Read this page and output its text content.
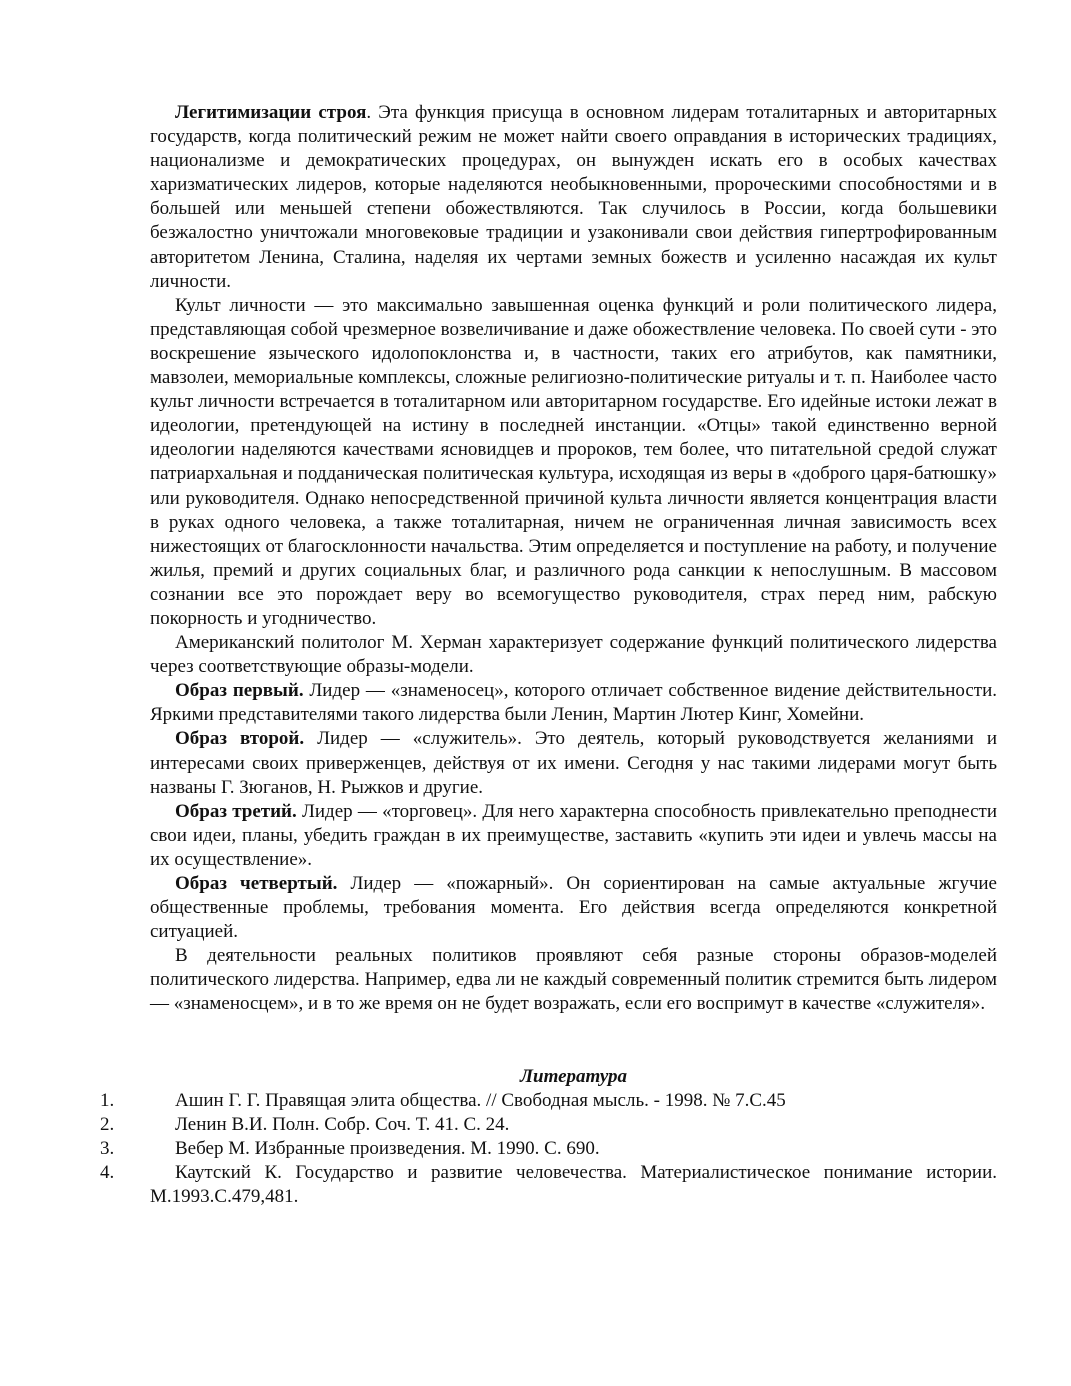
Легитимизации строя. Эта функция присуща в основном лидерам тоталитарных и авторитарных государств, когда политический режим не может найти своего оправдания в исторических традициях, национализме и демократических процедурах, он вынужден искать его в особых качествах харизматических лидеров, которые наделяются необыкновенными, пророческими способностями и в большей или меньшей степени обожествляются. Так случилось в России, когда большевики безжалостно уничтожали многовековые традиции и узаконивали свои действия гипертрофированным авторитетом Ленина, Сталина, наделяя их чертами земных божеств и усиленно насаждая их культ личности.

Культ личности — это максимально завышенная оценка функций и роли политического лидера, представляющая собой чрезмерное возвеличивание и даже обожествление человека. По своей сути - это воскрешение языческого идолопоклонства и, в частности, таких его атрибутов, как памятники, мавзолеи, мемориальные комплексы, сложные религиозно-политические ритуалы и т. п. Наиболее часто культ личности встречается в тоталитарном или авторитарном государстве. Его идейные истоки лежат в идеологии, претендующей на истину в последней инстанции. «Отцы» такой единственно верной идеологии наделяются качествами ясновидцев и пророков, тем более, что питательной средой служат патриархальная и подданическая политическая культура, исходящая из веры в «доброго царя-батюшку» или руководителя. Однако непосредственной причиной культа личности является концентрация власти в руках одного человека, а также тоталитарная, ничем не ограниченная личная зависимость всех нижестоящих от благосклонности начальства. Этим определяется и поступление на работу, и получение жилья, премий и других социальных благ, и различного рода санкции к непослушным. В массовом сознании все это порождает веру во всемогущество руководителя, страх перед ним, рабскую покорность и угодничество.

Американский политолог М. Херман характеризует содержание функций политического лидерства через соответствующие образы-модели.

Образ первый. Лидер — «знаменосец», которого отличает собственное видение действительности. Яркими представителями такого лидерства были Ленин, Мартин Лютер Кинг, Хомейни.

Образ второй. Лидер — «служитель». Это деятель, который руководствуется желаниями и интересами своих приверженцев, действуя от их имени. Сегодня у нас такими лидерами могут быть названы Г. Зюганов, Н. Рыжков и другие.

Образ третий. Лидер — «торговец». Для него характерна способность привлекательно преподнести свои идеи, планы, убедить граждан в их преимуществе, заставить «купить эти идеи и увлечь массы на их осуществление».

Образ четвертый. Лидер — «пожарный». Он сориентирован на самые актуальные жгучие общественные проблемы, требования момента. Его действия всегда определяются конкретной ситуацией.

В деятельности реальных политиков проявляют себя разные стороны образов-моделей политического лидерства. Например, едва ли не каждый современный политик стремится быть лидером — «знаменосцем», и в то же время он не будет возражать, если его воспримут в качестве «служителя».

Литература

1.	Ашин Г. Г. Правящая элита общества. // Свободная мысль. - 1998. № 7.С.45
2.	Ленин В.И. Полн. Собр. Соч. Т. 41. С. 24.
3.	Вебер М. Избранные произведения. М. 1990. С. 690.
4.	Каутский К. Государство и развитие человечества. Материалистическое понимание истории. М.1993.С.479,481.
